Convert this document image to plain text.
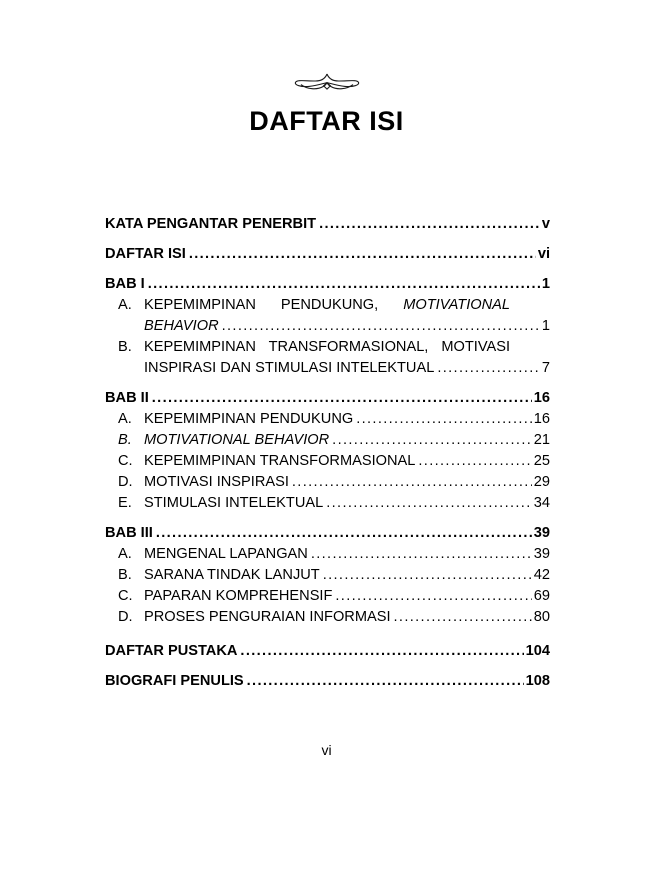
DAFTAR ISI
KATA PENGANTAR PENERBIT .....	v
DAFTAR ISI .....	vi
BAB I .....	1
A. KEPEMIMPINAN PENDUKUNG, MOTIVATIONAL
BEHAVIOR .....	1
B. KEPEMIMPINAN TRANSFORMASIONAL, MOTIVASI
INSPIRASI DAN STIMULASI INTELEKTUAL .....	7
BAB II .....	16
A. KEPEMIMPINAN PENDUKUNG .....	16
B. MOTIVATIONAL BEHAVIOR .....	21
C. KEPEMIMPINAN TRANSFORMASIONAL .....	25
D. MOTIVASI INSPIRASI .....	29
E. STIMULASI INTELEKTUAL .....	34
BAB III .....	39
A. MENGENAL LAPANGAN .....	39
B. SARANA TINDAK LANJUT .....	42
C. PAPARAN KOMPREHENSIF .....	69
D. PROSES PENGURAIAN INFORMASI .....	80
DAFTAR PUSTAKA .....	104
BIOGRAFI PENULIS .....	108
vi
